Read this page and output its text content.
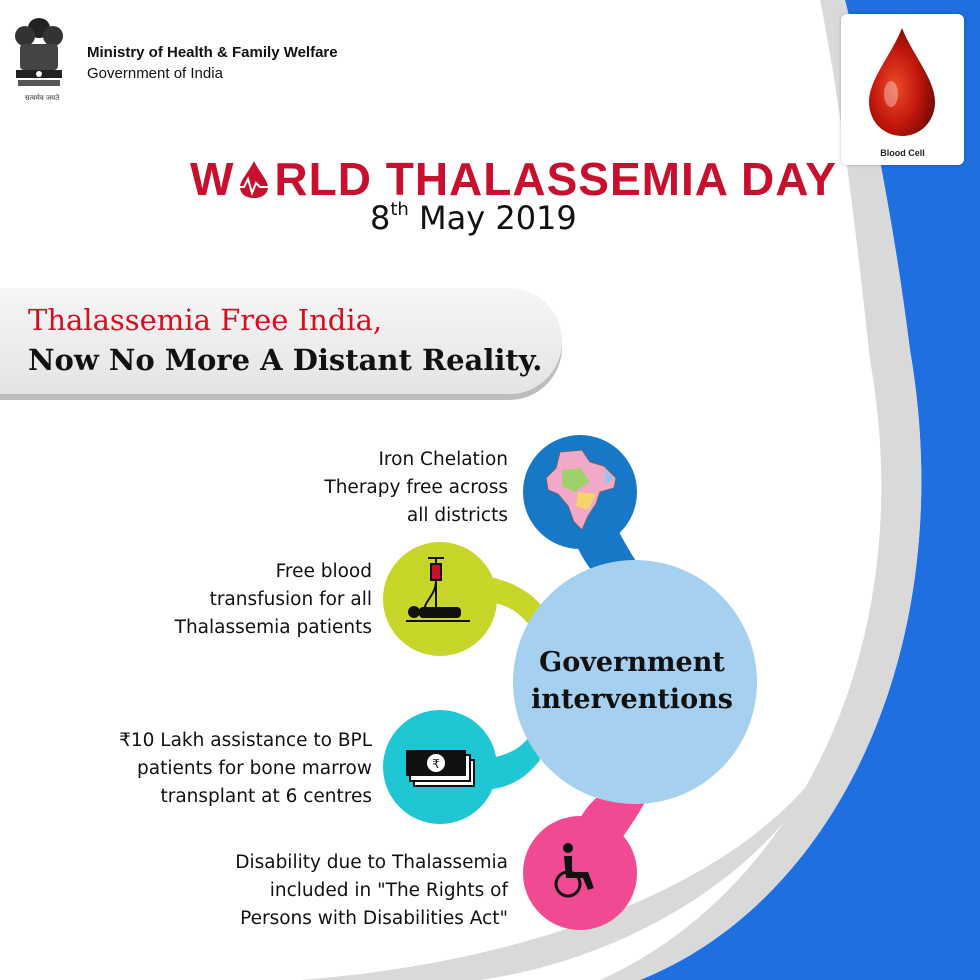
सत्यमेव जयते
Ministry of Health & Family Welfare
Government of India
Blood Cell
W RLD THALASSEMIA DAY
8th May 2019
Thalassemia Free India,
Now No More A Distant Reality.
₹
Government
interventions
Iron Chelation
Therapy free across
all districts
Free blood
transfusion for all
Thalassemia patients
₹10 Lakh assistance to BPL
patients for bone marrow
transplant at 6 centres
Disability due to Thalassemia
included in "The Rights of
Persons with Disabilities Act"
